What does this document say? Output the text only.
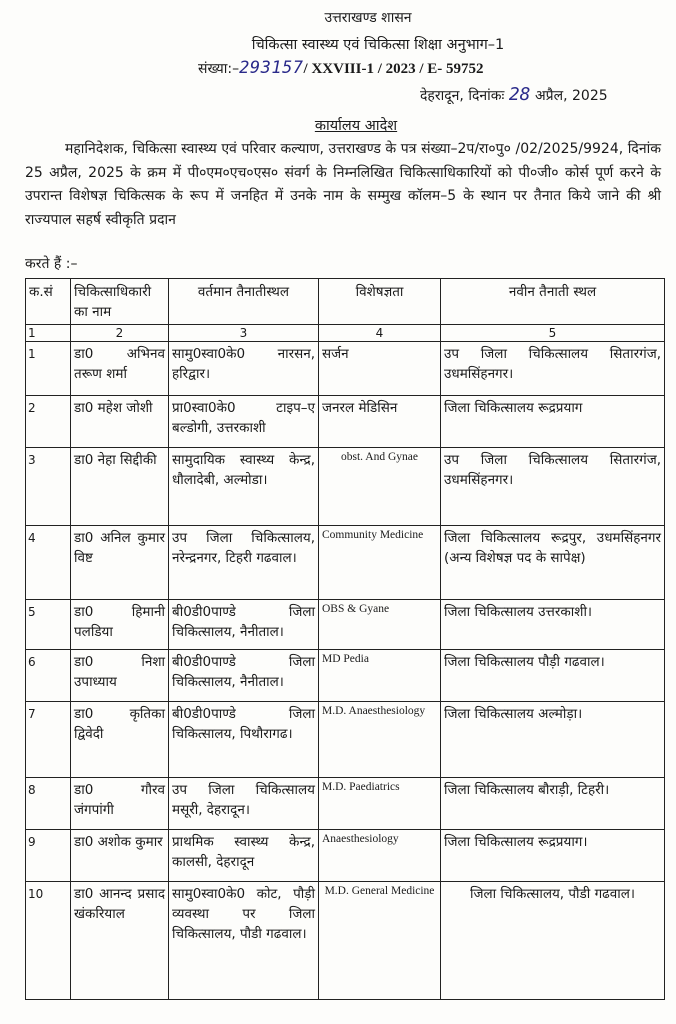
उत्तराखण्ड शासन
चिकित्सा स्वास्थ्य एवं चिकित्सा शिक्षा अनुभाग–1
संख्या:–293157/ XXVIII-1 / 2023 / E- 59752
देहरादून, दिनांकः 28 अप्रैल, 2025
कार्यालय आदेश

महानिदेशक, चिकित्सा स्वास्थ्य एवं परिवार कल्याण, उत्तराखण्ड के पत्र संख्या–2प/रा०पु० /02/2025/9924, दिनांक 25 अप्रैल, 2025 के क्रम में पी०एम०एच०एस० संवर्ग के निम्नलिखित चिकित्साधिकारियों को पी०जी० कोर्स पूर्ण करने के उपरान्त विशेषज्ञ चिकित्सक के रूप में जनहित में उनके नाम के सम्मुख कॉलम–5 के स्थान पर तैनात किये जाने की श्री राज्यपाल सहर्ष स्वीकृति प्रदान

करते हैं :–

क.सं	चिकित्साधिकारी का नाम	वर्तमान तैनातीस्थल	विशेषज्ञता	नवीन तैनाती स्थल
1	2	3	4	5
1	डा0 अभिनव तरूण शर्मा	सामु0स्वा0के0 नारसन, हरिद्वार।	सर्जन	उप जिला चिकित्सालय सितारगंज, उधमसिंहनगर।
2	डा0 महेश जोशी	प्रा0स्वा0के0 टाइप–ए बल्डोगी, उत्तरकाशी	जनरल मेडिसिन	जिला चिकित्सालय रूद्रप्रयाग
3	डा0 नेहा सिद्दीकी	सामुदायिक स्वास्थ्य केन्द्र, धौलादेबी, अल्मोडा।	obst. And Gynae	उप जिला चिकित्सालय सितारगंज, उधमसिंहनगर।
4	डा0 अनिल कुमार विष्ट	उप जिला चिकित्सालय, नरेन्द्रनगर, टिहरी गढवाल।	Community Medicine	जिला चिकित्सालय रूद्रपुर, उधमसिंहनगर (अन्य विशेषज्ञ पद के सापेक्ष)
5	डा0 हिमानी पलडिया	बी0डी0पाण्डे जिला चिकित्सालय, नैनीताल।	OBS & Gyane	जिला चिकित्सालय उत्तरकाशी।
6	डा0 निशा उपाध्याय	बी0डी0पाण्डे जिला चिकित्सालय, नैनीताल।	MD Pedia	जिला चिकित्सालय पौड़ी गढवाल।
7	डा0 कृतिका द्विवेदी	बी0डी0पाण्डे जिला चिकित्सालय, पिथौरागढ।	M.D. Anaesthesiology	जिला चिकित्सालय अल्मोड़ा।
8	डा0 गौरव जंगपांगी	उप जिला चिकित्सालय मसूरी, देहरादून।	M.D. Paediatrics	जिला चिकित्सालय बौराड़ी, टिहरी।
9	डा0 अशोक कुमार	प्राथमिक स्वास्थ्य केन्द्र, कालसी, देहरादून	Anaesthesiology	जिला चिकित्सालय रूद्रप्रयाग।
10	डा0 आनन्द प्रसाद खंकरियाल	सामु0स्वा0के0 कोट, पौड़ी व्यवस्था पर जिला चिकित्सालय, पौडी गढवाल।	M.D. General Medicine	जिला चिकित्सालय, पौडी गढवाल।
